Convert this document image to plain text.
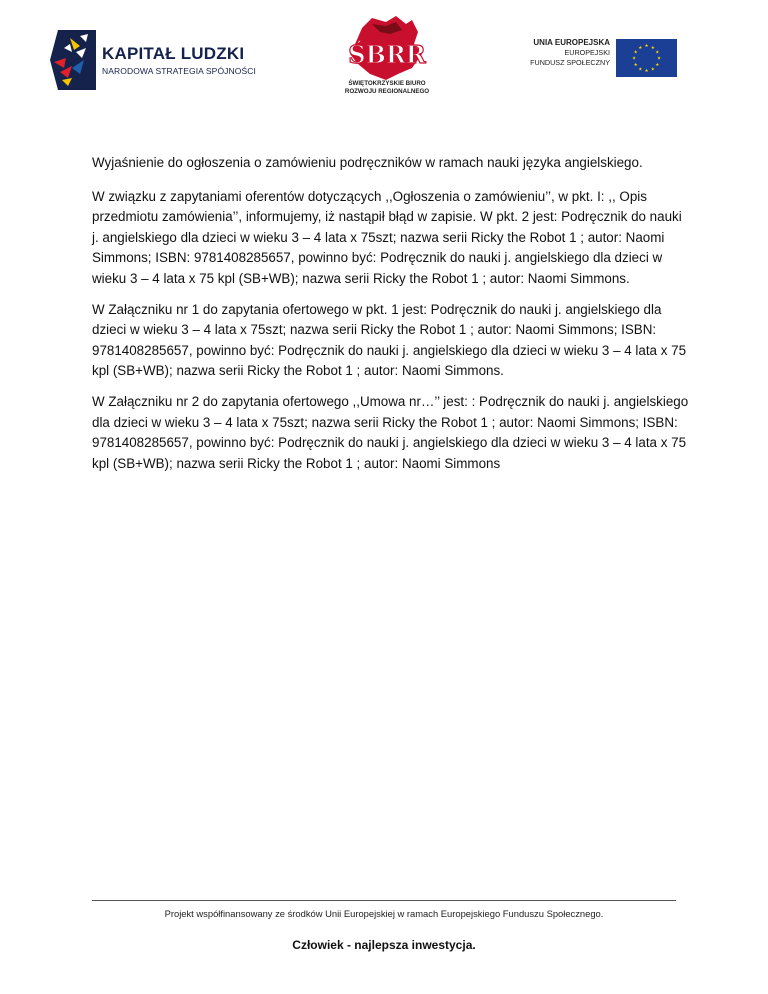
KAPITAŁ LUDZKI
NARODOWA STRATEGIA SPÓJNOŚCI
ŚBRR
ŚWIĘTOKRZYSKIE BIURO
ROZWOJU REGIONALNEGO
UNIA EUROPEJSKA
EUROPEJSKI
FUNDUSZ SPOŁECZNY
★ ★
★
★
★
★
★
★
★
★
★
★

Wyjaśnienie do ogłoszenia o zamówieniu podręczników w ramach nauki języka angielskiego.

W związku z zapytaniami oferentów dotyczących ,,Ogłoszenia o zamówieniu’’, w pkt. I: ,, Opis przedmiotu zamówienia’’, informujemy, iż nastąpił błąd w zapisie. W pkt. 2 jest: Podręcznik do nauki j. angielskiego dla dzieci w wieku 3 – 4 lata x 75szt; nazwa serii Ricky the Robot 1 ; autor: Naomi Simmons; ISBN: 9781408285657, powinno być: Podręcznik do nauki j. angielskiego dla dzieci w wieku 3 – 4 lata x 75 kpl (SB+WB); nazwa serii Ricky the Robot 1 ; autor: Naomi Simmons.

W Załączniku nr 1 do zapytania ofertowego w pkt. 1 jest: Podręcznik do nauki j. angielskiego dla dzieci w wieku 3 – 4 lata x 75szt; nazwa serii Ricky the Robot 1 ; autor: Naomi Simmons; ISBN: 9781408285657, powinno być: Podręcznik do nauki j. angielskiego dla dzieci w wieku 3 – 4 lata x 75 kpl (SB+WB); nazwa serii Ricky the Robot 1 ; autor: Naomi Simmons.

W Załączniku nr 2 do zapytania ofertowego ,,Umowa nr…’’ jest: : Podręcznik do nauki j. angielskiego dla dzieci w wieku 3 – 4 lata x 75szt; nazwa serii Ricky the Robot 1 ; autor: Naomi Simmons; ISBN: 9781408285657, powinno być: Podręcznik do nauki j. angielskiego dla dzieci w wieku 3 – 4 lata x 75 kpl (SB+WB); nazwa serii Ricky the Robot 1 ; autor: Naomi Simmons

Projekt współfinansowany ze środków Unii Europejskiej w ramach Europejskiego Funduszu Społecznego.
Człowiek - najlepsza inwestycja.
